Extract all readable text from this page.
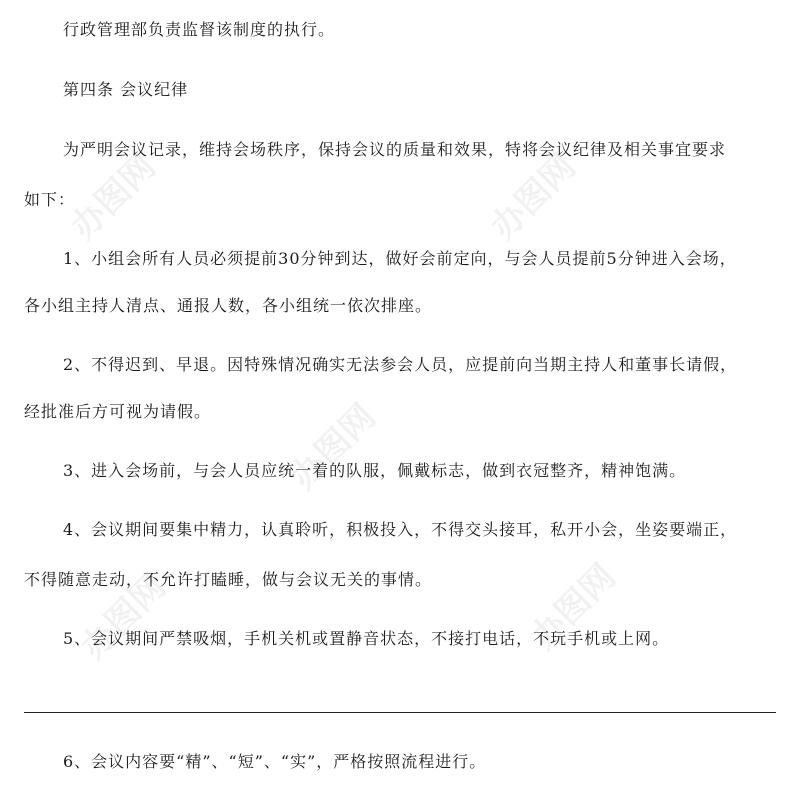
办图网
办图网
办图网
办图网
办图网

行政管理部负责监督该制度的执行。

第四条 会议纪律

为严明会议记录，维持会场秩序，保持会议的质量和效果，特将会议纪律及相关事宜要求

如下：

1、小组会所有人员必须提前30分钟到达，做好会前定向，与会人员提前5分钟进入会场，

各小组主持人清点、通报人数，各小组统一依次排座。

2、不得迟到、早退。因特殊情况确实无法参会人员，应提前向当期主持人和董事长请假，

经批准后方可视为请假。

3、进入会场前，与会人员应统一着的队服，佩戴标志，做到衣冠整齐，精神饱满。

4、会议期间要集中精力，认真聆听，积极投入，不得交头接耳，私开小会，坐姿要端正，

不得随意走动，不允许打瞌睡，做与会议无关的事情。

5、会议期间严禁吸烟，手机关机或置静音状态，不接打电话，不玩手机或上网。

6、会议内容要“精”、“短”、“实”，严格按照流程进行。
